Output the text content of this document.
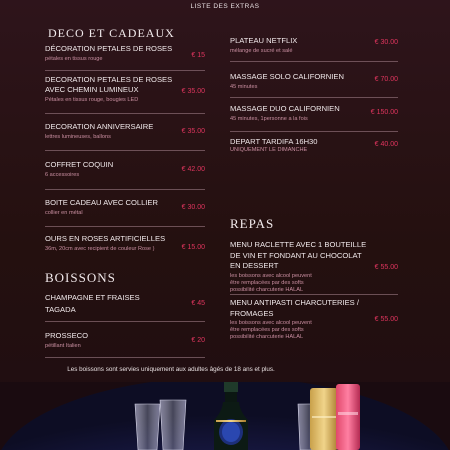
LISTE DES EXTRAS
DECO ET CADEAUX
DÉCORATION PETALES DE ROSES
pétales en tissus rouge	€ 15
DECORATION PETALES DE ROSES AVEC CHEMIN LUMINEUX
Pétales en tissus rouge, bougies LED
€ 35.00
DECORATION ANNIVERSAIRE
lettres lumineuses, ballons
€ 35.00
COFFRET COQUIN
6 accessoires
€ 42.00
BOITE CADEAU AVEC COLLIER
collier en métal
€ 30.00
OURS EN ROSES ARTIFICIELLES
36m, 20cm avec recipient de couleur Rose )	€ 15.00
BOISSONS
CHAMPAGNE ET FRAISES TAGADA
€ 45
PROSSECO
pétillant Italien
€ 20
PLATEAU NETFLIX
mélange de sucré et salé
€ 30.00
MASSAGE SOLO CALIFORNIEN
45 minutes
€ 70.00
MASSAGE DUO CALIFORNIEN
45 minutes, 1personne a la fois
€ 150.00
DEPART TARDIFA 16H30
UNIQUEMENT LE DIMANCHE
€ 40.00
REPAS
MENU RACLETTE AVEC 1 BOUTEILLE DE VIN ET FONDANT AU CHOCOLAT EN DESSERT
les boissons avec alcool peuvent être remplacées par des softs possibilité charcuterie HALAL
€ 55.00
MENU ANTIPASTI CHARCUTERIES / FROMAGES
les boissons avec alcool peuvent être remplacées par des softs possibilité charcuterie HALAL
€ 55.00
Les boissons sont servies uniquement aux adultes âgés de 18 ans et plus.
